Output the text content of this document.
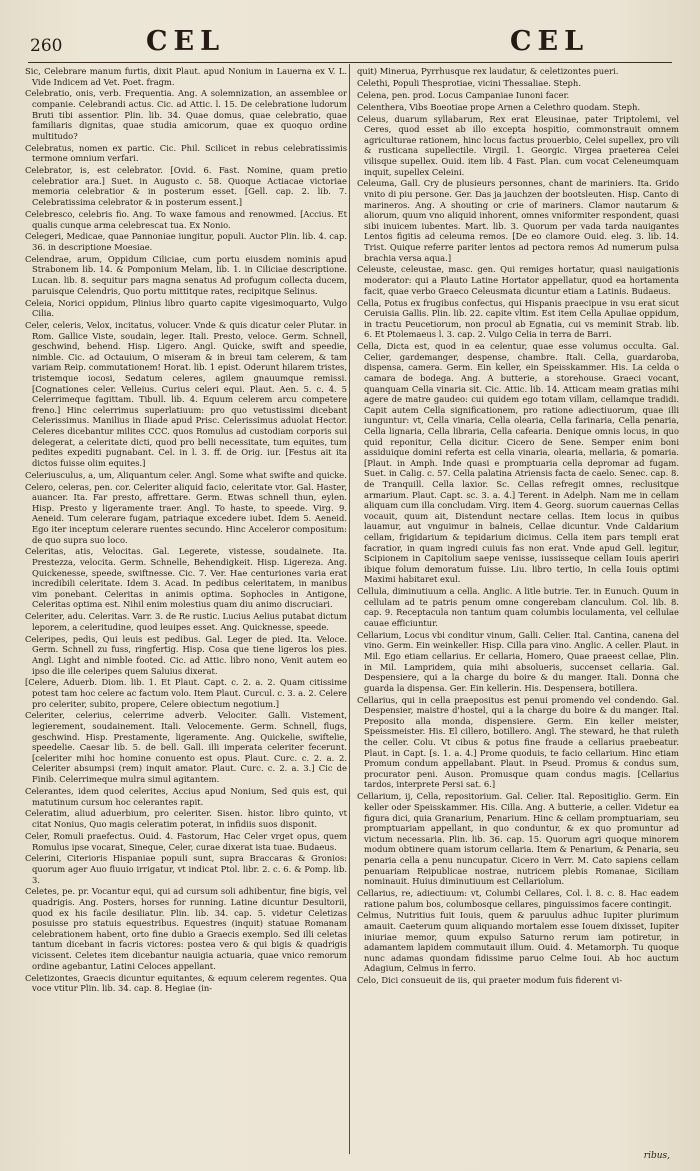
260	CEL	CEL

Sic, Celebrare manum furtis, dixit Plaut. apud Nonium in Lauerna ex V. L. Vide Indicem ad Vet. Poet. fragm.

Celebratio, onis, verb. Frequentia. Ang. A solemnization, an assemblee or companie. Celebrandi actus. Cic. ad Attic. l. 15. De celebratione ludorum Bruti tibi assentior. Plin. lib. 34. Quae domus, quae celebratio, quae familiaris dignitas, quae studia amicorum, quae ex quoquo ordine multitudo?

Celebratus, nomen ex partic. Cic. Phil. Scilicet in rebus celebratissimis termone omnium verfari.

Celebrator, is, est celebrator. [Ovid. 6. Fast. Nomine, quam pretio celebratior ara.] Suet. in Augusto c. 58. Quoque Actiacae victoriae memoria celebratior & in posterum esset. [Gell. cap. 2. lib. 7. Celebratissima celebrator & in posterum essent.]

Celebresco, celebris fio. Ang. To waxe famous and renowmed. [Accius. Et qualis cunque arma celebrescat tua. Ex Nonio.

Celegeri, Medicae, quae Pannoniae iungitur, populi. Auctor Plin. lib. 4. cap. 36. in descriptione Moesiae.

Celendrae, arum, Oppidum Ciliciae, cum portu eiusdem nominis apud Strabonem lib. 14. & Pomponium Melam, lib. 1. in Ciliciae descriptione. Lucan. lib. 8. sequitur pars magna senatus Ad profugum collecta ducem, paruisque Celendris, Quo portu mittitque rates, recipitque Selinus.

Celeia, Norici oppidum, Plinius libro quarto capite vigesimoquarto, Vulgo Cilia.

Celer, celeris, Velox, incitatus, volucer. Vnde & quis dicatur celer Plutar. in Rom. Gallice Viste, soudain, leger. Itali. Presto, veloce. Germ. Schnell, geschwind, behend. Hisp. Ligero. Angl. Quicke, swift and speedie, nimble. Cic. ad Octauium, O miseram & in breui tam celerem, & tam variam Reip. commutationem! Horat. lib. 1 epist. Oderunt hilarem tristes, tristemque iocosi, Sedatum celeres, agilem gnauumque remissi. [Cognationes celer. Velleius. Curius celeri equi. Plaut. Aen. 5. c. 4. 5 Celerrimeque fagittam. Tibull. lib. 4. Equum celerem arcu competere freno.] Hinc celerrimus superlatiuum: pro quo vetustissimi dicebant Celerissimus. Manilius in Iliade apud Prisc. Celerissimus aduolat Hector. Celeres dicebantur milites CCC. quos Romulus ad custodiam corporis sui delegerat, a celeritate dicti, quod pro belli necessitate, tum equites, tum pedites expediti pugnabant. Cel. in l. 3. ff. de Orig. iur. [Festus ait ita dictos fuisse olim equites.]

Celeriusculus, a, um, Aliquantum celer. Angl. Some what swifte and quicke.

Celero, celeras, pen. cor. Celeriter aliquid facio, celeritate vtor. Gal. Haster, auancer. Ita. Far presto, affrettare. Germ. Etwas schnell thun, eylen. Hisp. Presto y ligeramente traer. Angl. To haste, to speede. Virg. 9. Aeneid. Tum celerare fugam, patriaque excedere iubet. Idem 5. Aeneid. Ego iter inceptum celerare ruentes secundo. Hinc Acceleror compositum: de quo supra suo loco.

Celeritas, atis, Velocitas. Gal. Legerete, vistesse, soudainete. Ita. Prestezza, velocita. Germ. Schnelle, Behendigkeit. Hisp. Ligereza. Ang. Quickenesse, speede, swiftnesse. Cic. 7. Ver. Hae centuriones varia erat incredibili celeritate. Idem 3. Acad. In pedibus celeritatem, in manibus vim ponebant. Celeritas in animis optima. Sophocles in Antigone, Celeritas optima est. Nihil enim molestius quam diu animo discruciari.

Celeriter, adu. Celeritas. Varr. 3. de Re rustic. Lucius Aelius putabat dictum leporem, a celeritudine, quod leuipes esset. Ang. Quicknesse, speede.

Celeripes, pedis, Qui leuis est pedibus. Gal. Leger de pied. Ita. Veloce. Germ. Schnell zu fuss, ringfertig. Hisp. Cosa que tiene ligeros los pies. Angl. Light and nimble footed. Cic. ad Attic. libro nono, Venit autem eo ipso die ille celeripes quem Saluius dixerat.

[Celere, Aduerb. Diom. lib. 1. Et Plaut. Capt. c. 2. a. 2. Quam citissime potest tam hoc celere ac factum volo. Item Plaut. Curcul. c. 3. a. 2. Celere pro celeriter, subito, propere, Celere obiectum negotium.]

Celeriter, celerius, celerrime adverb. Velociter. Galli. Vistement, legierement, soudainement. Itali. Velocemente. Germ. Schnell, flugs, geschwind. Hisp. Prestamente, ligeramente. Ang. Quickelie, swiftelie, speedelie. Caesar lib. 5. de bell. Gall. illi imperata celeriter fecerunt. [celeriter mihi hoc homine conuento est opus. Plaut. Curc. c. 2. a. 2. Celeriter absumpsi (rem) inquit amator. Plaut. Curc. c. 2. a. 3.] Cic de Finib. Celerrimeque mulra simul agitantem.

Celerantes, idem quod celerites, Accius apud Nonium, Sed quis est, qui matutinum cursum hoc celerantes rapit.

Celeratim, aliud aduerbium, pro celeriter. Sisen. histor. libro quinto, vt citat Nonius, Quo magis celeratim poterat, in infidiis suos disponit.

Celer, Romuli praefectus. Ouid. 4. Fastorum, Hac Celer vrget opus, quem Romulus ipse vocarat, Sineque, Celer, curae dixerat ista tuae. Budaeus.

Celerini, Citerioris Hispaniae populi sunt, supra Braccaras & Gronios: quorum ager Auo fluuio irrigatur, vt indicat Ptol. libr. 2. c. 6. & Pomp. lib. 3.

Celetes, pe. pr. Vocantur equi, qui ad cursum soli adhibentur, fine bigis, vel quadrigis. Ang. Posters, horses for running. Latine dicuntur Desultorii, quod ex his facile desiliatur. Plin. lib. 34. cap. 5. videtur Celetizas posuisse pro statuis equestribus. Equestres (inquit) statuae Romanam celebrationem habent, orto fine dubio a Graecis exemplo. Sed illi celetas tantum dicebant in facris victores: postea vero & qui bigis & quadrigis vicissent. Celetes item dicebantur nauigia actuaria, quae vnico remorum ordine agebantur, Latini Celoces appellant.

Celetizontes, Graecis dicuntur equitantes, & equum celerem regentes. Qua voce vtitur Plin. lib. 34. cap. 8. Hegiae (in-

quit) Minerua, Pyrrhusque rex laudatur, & celetizontes pueri.

Celethi, Populi Thesprotiae, vicini Thessaliae. Steph.

Celena, pen. prod. Locus Campaniae Iunoni facer.

Celenthera, Vibs Boeotiae prope Arnen a Celethro quodam. Steph.

Celeus, duarum syllabarum, Rex erat Eleusinae, pater Triptolemi, vel Ceres, quod esset ab illo excepta hospitio, commonstrauit omnem agriculturae rationem, hinc locus factus prouerbio, Celei supellex, pro vili & rusticana supellectile. Virgil. 1. Georgic. Virgea praeterea Celei vilisque supellex. Ouid. item lib. 4 Fast. Plan. cum vocat Celeneumquam inquit, supellex Celeini.

Celeuma, Gall. Cry de plusieurs personnes, chant de mariniers. Ita. Grido vnito di piu persone. Ger. Das ja jauchzen der bootsleuten. Hisp. Canto di marineros. Ang. A shouting or crie of mariners. Clamor nautarum & aliorum, quum vno aliquid inhorent, omnes vniformiter respondent, quasi sibi inuicem iubentes. Mart. lib. 3. Quorum per vada tarda nauigantes Lentos figitis ad celeuma remos. [De eo clamore Ouid. eleg. 3. lib. 14. Trist. Quique referre pariter lentos ad pectora remos Ad numerum pulsa brachia versa aqua.]

Celeuste, celeustae, masc. gen. Qui remiges hortatur, quasi nauigationis moderator: qui a Plauto Latine Hortator appellatur, quod ea hortamenta facit, quae verbo Graeco Celeusmata dicuntur etiam a Latinis. Budaeus.

Cella, Potus ex frugibus confectus, qui Hispanis praecipue in vsu erat sicut Ceruisia Gallis. Plin. lib. 22. capite vltim. Est item Cella Apuliae oppidum, in tractu Peucetiorum, non procul ab Egnatia, cui vs meminit Strab. lib. 6. Et Ptolemaeus l. 3. cap. 2. Vulgo Celia in terra de Barri.

Cella, Dicta est, quod in ea celentur, quae esse volumus occulta. Gal. Celier, gardemanger, despense, chambre. Itali. Cella, guardaroba, dispensa, camera. Germ. Ein keller, ein Speisskammer. His. La celda o camara de bodega. Ang. A butterie, a storehouse. Graeci vocant, quanquam Cella vinaria sit. Cic. Attic. lib. 14. Atticam meam gratias mihi agere de matre gaudeo: cui quidem ego totam villam, cellamque tradidi. Capit autem Cella significationem, pro ratione adiectiuorum, quae illi iunguntur: vt, Cella vinaria, Cella olearia, Cella farinaria, Cella penaria, Cella lignaria, Cella libraria, Cella cafearia. Denique omnis locus, in quo quid reponitur, Cella dicitur. Cicero de Sene. Semper enim boni assiduique domini referta est cella vinaria, olearia, mellaria, & pomaria. [Plaut. in Amph. Inde quasi e promptuaria cella depromar ad fugam. Suet. in Calig. c. 57. Cella palatina Atriensis facta de caelo. Senec. cap. 8. de Tranquill. Cella laxior. Sc. Cellas refregit omnes, reclusitque armarium. Plaut. Capt. sc. 3. a. 4.] Terent. in Adelph. Nam me in cellam aliquam cum illa concludam. Virg. item 4. Georg. suorum cauernas Cellas vocauit, quum ait, Distendunt nectare cellas. Item locus in quibus lauamur, aut vnguimur in balneis, Cellae dicuntur. Vnde Caldarium cellam, frigidarium & tepidarium dicimus. Cella item pars templi erat facratior, in quam ingredi cuiuis fas non erat. Vnde apud Gell. legitur, Scipionem in Capitolium saepe venisse, iussisseque cellam Iouis aperiri ibique folum demoratum fuisse. Liu. libro tertio, In cella Iouis optimi Maximi habitaret exul.

Cellula, diminutiuum a cella. Anglic. A litle butrie. Ter. in Eunuch. Quum in cellulam ad te patris penum omne congerebam clanculum. Col. lib. 8. cap. 9. Receptacula non tantum quam columbis loculamenta, vel cellulae cauae efficiuntur.

Cellarium, Locus vbi conditur vinum, Galli. Celier. Ital. Cantina, canena del vino. Germ. Ein weinkeller. Hisp. Cilla para vino. Anglic. A celler. Plaut. in Mil. Ego etiam cellarius. Er cellaria, Homero, Quae praeest cellae, Plin. in Mil. Lampridem, quia mihi absolueris, succenset cellaria. Gal. Despensiere, qui a la charge du boire & du manger. Itali. Donna che guarda la dispensa. Ger. Ein kellerin. His. Despensera, botillera.

Cellarius, qui in cella praepositus est penui promendo vel condendo. Gal. Despensier, maistre d'hostel, qui a la charge du boire & du manger. Ital. Preposito alla monda, dispensiere. Germ. Ein keller meister, Speissmeister. His. El cillero, botillero. Angl. The steward, he that ruleth the celler. Colu. Vt cibus & potus fine fraude a cellarius praebeatur. Plaut. in Capt. [s. 1. a. 4.] Prome quoduis, te facio cellarium. Hinc etiam Promum condum appellabant. Plaut. in Pseud. Promus & condus sum, procurator peni. Auson. Promusque quam condus magis. [Cellarius tardos, interprete Persi sat. 6.]

Cellarium, ij, Cella, repositorium. Gal. Celier. Ital. Repositiglio. Germ. Ein keller oder Speisskammer. His. Cilla. Ang. A butterie, a celler. Videtur ea figura dici, quia Granarium, Penarium. Hinc & cellam promptuariam, seu promptuariam appellant, in quo conduntur, & ex quo promuntur ad victum necessaria. Plin. lib. 36. cap. 15. Quorum agri quoque minorem modum obtinere quam istorum cellaria. Item & Penarium, & Penaria, seu penaria cella a penu nuncupatur. Cicero in Verr. M. Cato sapiens cellam penuariam Reipublicae nostrae, nutricem plebis Romanae, Siciliam nominauit. Huius diminutiuum est Cellariolum.

Cellarius, re, adiectiuum: vt, Columbi Cellares, Col. l. 8. c. 8. Hac eadem ratione palum bos, columbosque cellares, pinguissimos facere contingit.

Celmus, Nutritius fuit Iouis, quem & paruulus adhuc Iupiter plurimum amauit. Caeterum quum aliquando mortalem esse Iouem dixisset, Iupiter iniuriae memor, quum expulso Saturno rerum iam potiretur, in adamantem lapidem commutauit illum. Ouid. 4. Metamorph. Tu quoque nunc adamas quondam fidissime paruo Celme Ioui. Ab hoc auctum Adagium, Celmus in ferro.

Celo, Dici consueuit de iis, qui praeter modum fuis fiderent vi-

ribus,
